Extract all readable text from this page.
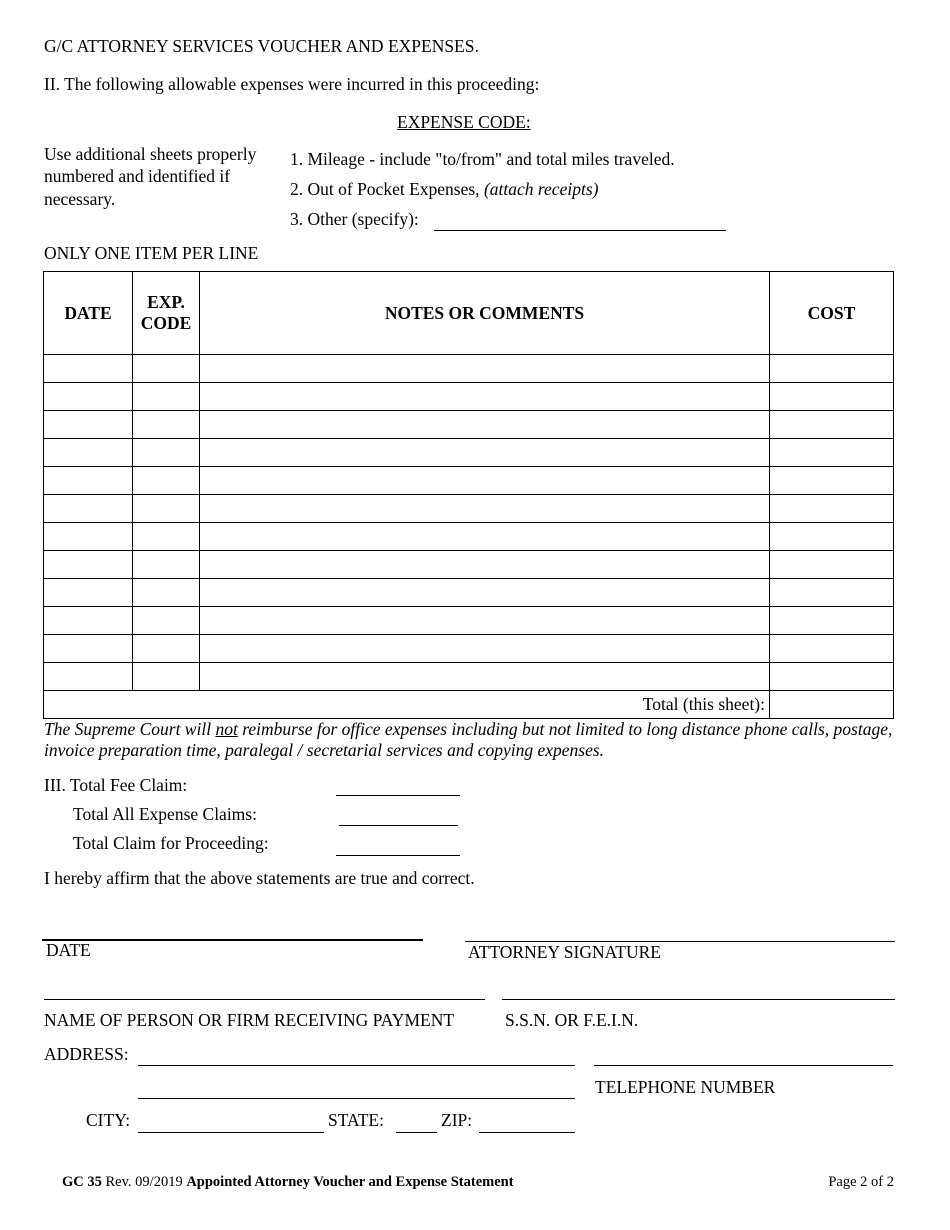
G/C ATTORNEY SERVICES VOUCHER AND EXPENSES.
II. The following allowable expenses were incurred in this proceeding:
EXPENSE CODE:
Use additional sheets properly
numbered and identified if
necessary.
1. Mileage - include "to/from" and total miles traveled.
2. Out of Pocket Expenses, (attach receipts)
3. Other (specify):
ONLY ONE ITEM PER LINE
DATE	EXP.
CODE	NOTES OR COMMENTS	COST

Total (this sheet):			
The Supreme Court will not reimburse for office expenses including but not limited to long distance phone calls, postage,
invoice preparation time, paralegal / secretarial services and copying expenses.
III. Total Fee Claim:
Total All Expense Claims:
Total Claim for Proceeding:
I hereby affirm that the above statements are true and correct.
DATE	ATTORNEY SIGNATURE
NAME OF PERSON OR FIRM RECEIVING PAYMENT	S.S.N. OR F.E.I.N.
ADDRESS:
TELEPHONE NUMBER
CITY:	STATE:	ZIP:
GC 35 Rev. 09/2019 Appointed Attorney Voucher and Expense Statement	Page 2 of 2
